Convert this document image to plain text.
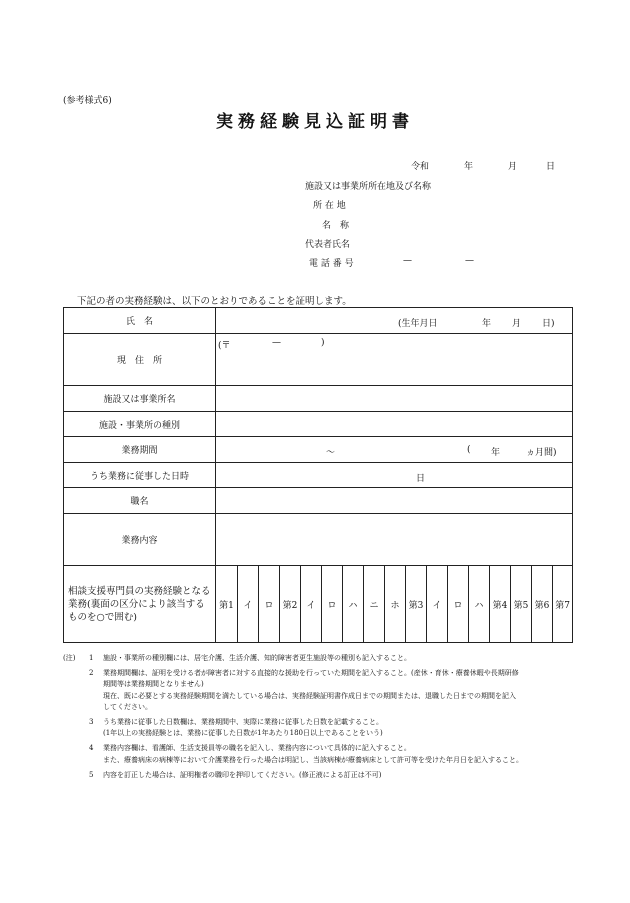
(参考様式6)
実務経験見込証明書
令和	年	月	日
施設又は事業所所在地及び名称
所 在 地
名　称
代表者氏名
電 話 番 号	—	—
下記の者の実務経験は、以下のとおりであることを証明します。
氏　名	(生年月日 年 月 日)																

現　住　所	(〒 — )																

施設又は事業所名																	
施設・事業所の種別																	
業務期間	〜 ( 年 ヵ月間)																

うち業務に従事した日時	日																

職名																	
業務内容																	
相談支援専門員の実務経験となる業務(裏面の区分により該当するものを○で囲む)	第1	イ	ロ	第2	イ	ロ	ハ	ニ	ホ	第3	イ	ロ	ハ	第4	第5	第6	第7
(注) 1 施設・事業所の種別欄には、居宅介護、生活介護、知的障害者更生施設等の種別も記入すること。
2 業務期間欄は、証明を受ける者が障害者に対する直接的な援助を行っていた期間を記入すること。(産休・育休・療養休暇や長期研修
期間等は業務期間となりません)
現在、既に必要とする実務経験期間を満たしている場合は、実務経験証明書作成日までの期間または、退職した日までの期間を記入
してください。
3 うち業務に従事した日数欄は、業務期間中、実際に業務に従事した日数を記載すること。
(1年以上の実務経験とは、業務に従事した日数が1年あたり180日以上であることをいう)
4 業務内容欄は、看護師、生活支援員等の職名を記入し、業務内容について具体的に記入すること。
また、療養病床の病棟等において介護業務を行った場合は明記し、当該病棟が療養病床として許可等を受けた年月日を記入すること。
5 内容を訂正した場合は、証明権者の職印を押印してください。(修正液による訂正は不可)
